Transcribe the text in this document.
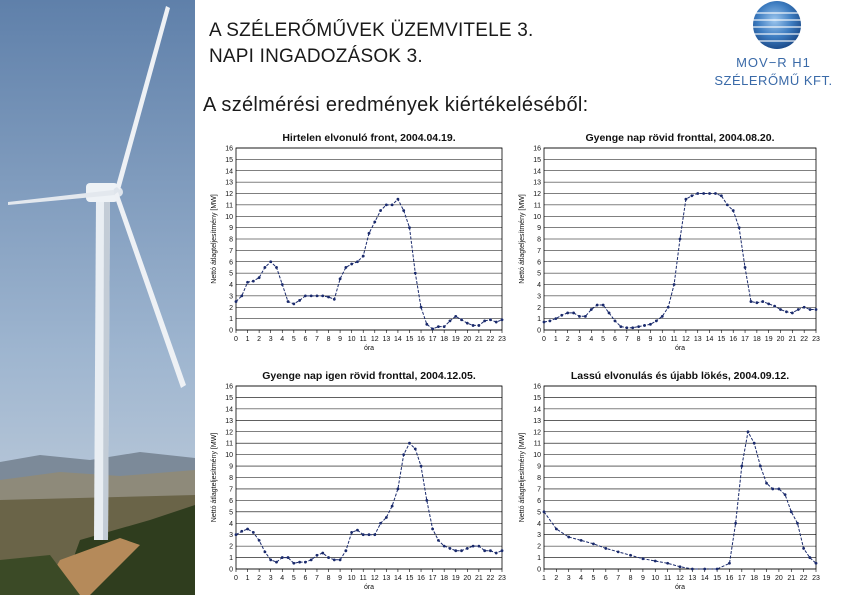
A SZÉLERŐMŰVEK ÜZEMVITELE 3.
NAPI INGADOZÁSOK 3.
A szélmérési eredmények kiértékeléséből:
MOV−R H1
SZÉLERŐMŰ KFT.
Hirtelen elvonuló front, 2004.04.19.
0
1
2
3
4
5
6
7
8
9
10
11
12
13
14
15
16
0 1 2 3 4 5 6 7 8 9 10 11 12 13 14 15 16 17 18 19 20 21 22 23
óra
Nettó átlagteljesítmény [MW]
Gyenge nap rövid fronttal, 2004.08.20.
0
1
2
3
4
5
6
7
8
9
10
11
12
13
14
15
16
0 1 2 3 4 5 6 7 8 9 10 11 12 13 14 15 16 17 18 19 20 21 22 23
óra
Nettó átlagteljesítmény [MW]
Gyenge nap igen rövid fronttal, 2004.12.05.
0
1
2
3
4
5
6
7
8
9
10
11
12
13
14
15
16
0 1 2 3 4 5 6 7 8 9 10 11 12 13 14 15 16 17 18 19 20 21 22 23
óra
Nettó átlagteljesítmény [MW]
Lassú elvonulás és újabb lökés, 2004.09.12.
0
1
2
3
4
5
6
7
8
9
10
11
12
13
14
15
16
1 2 3 4 5 6 7 8 9 10 11 12 13 14 15 16 17 18 19 20 21 22 23
óra
Nettó átlagteljesítmény [MW]
